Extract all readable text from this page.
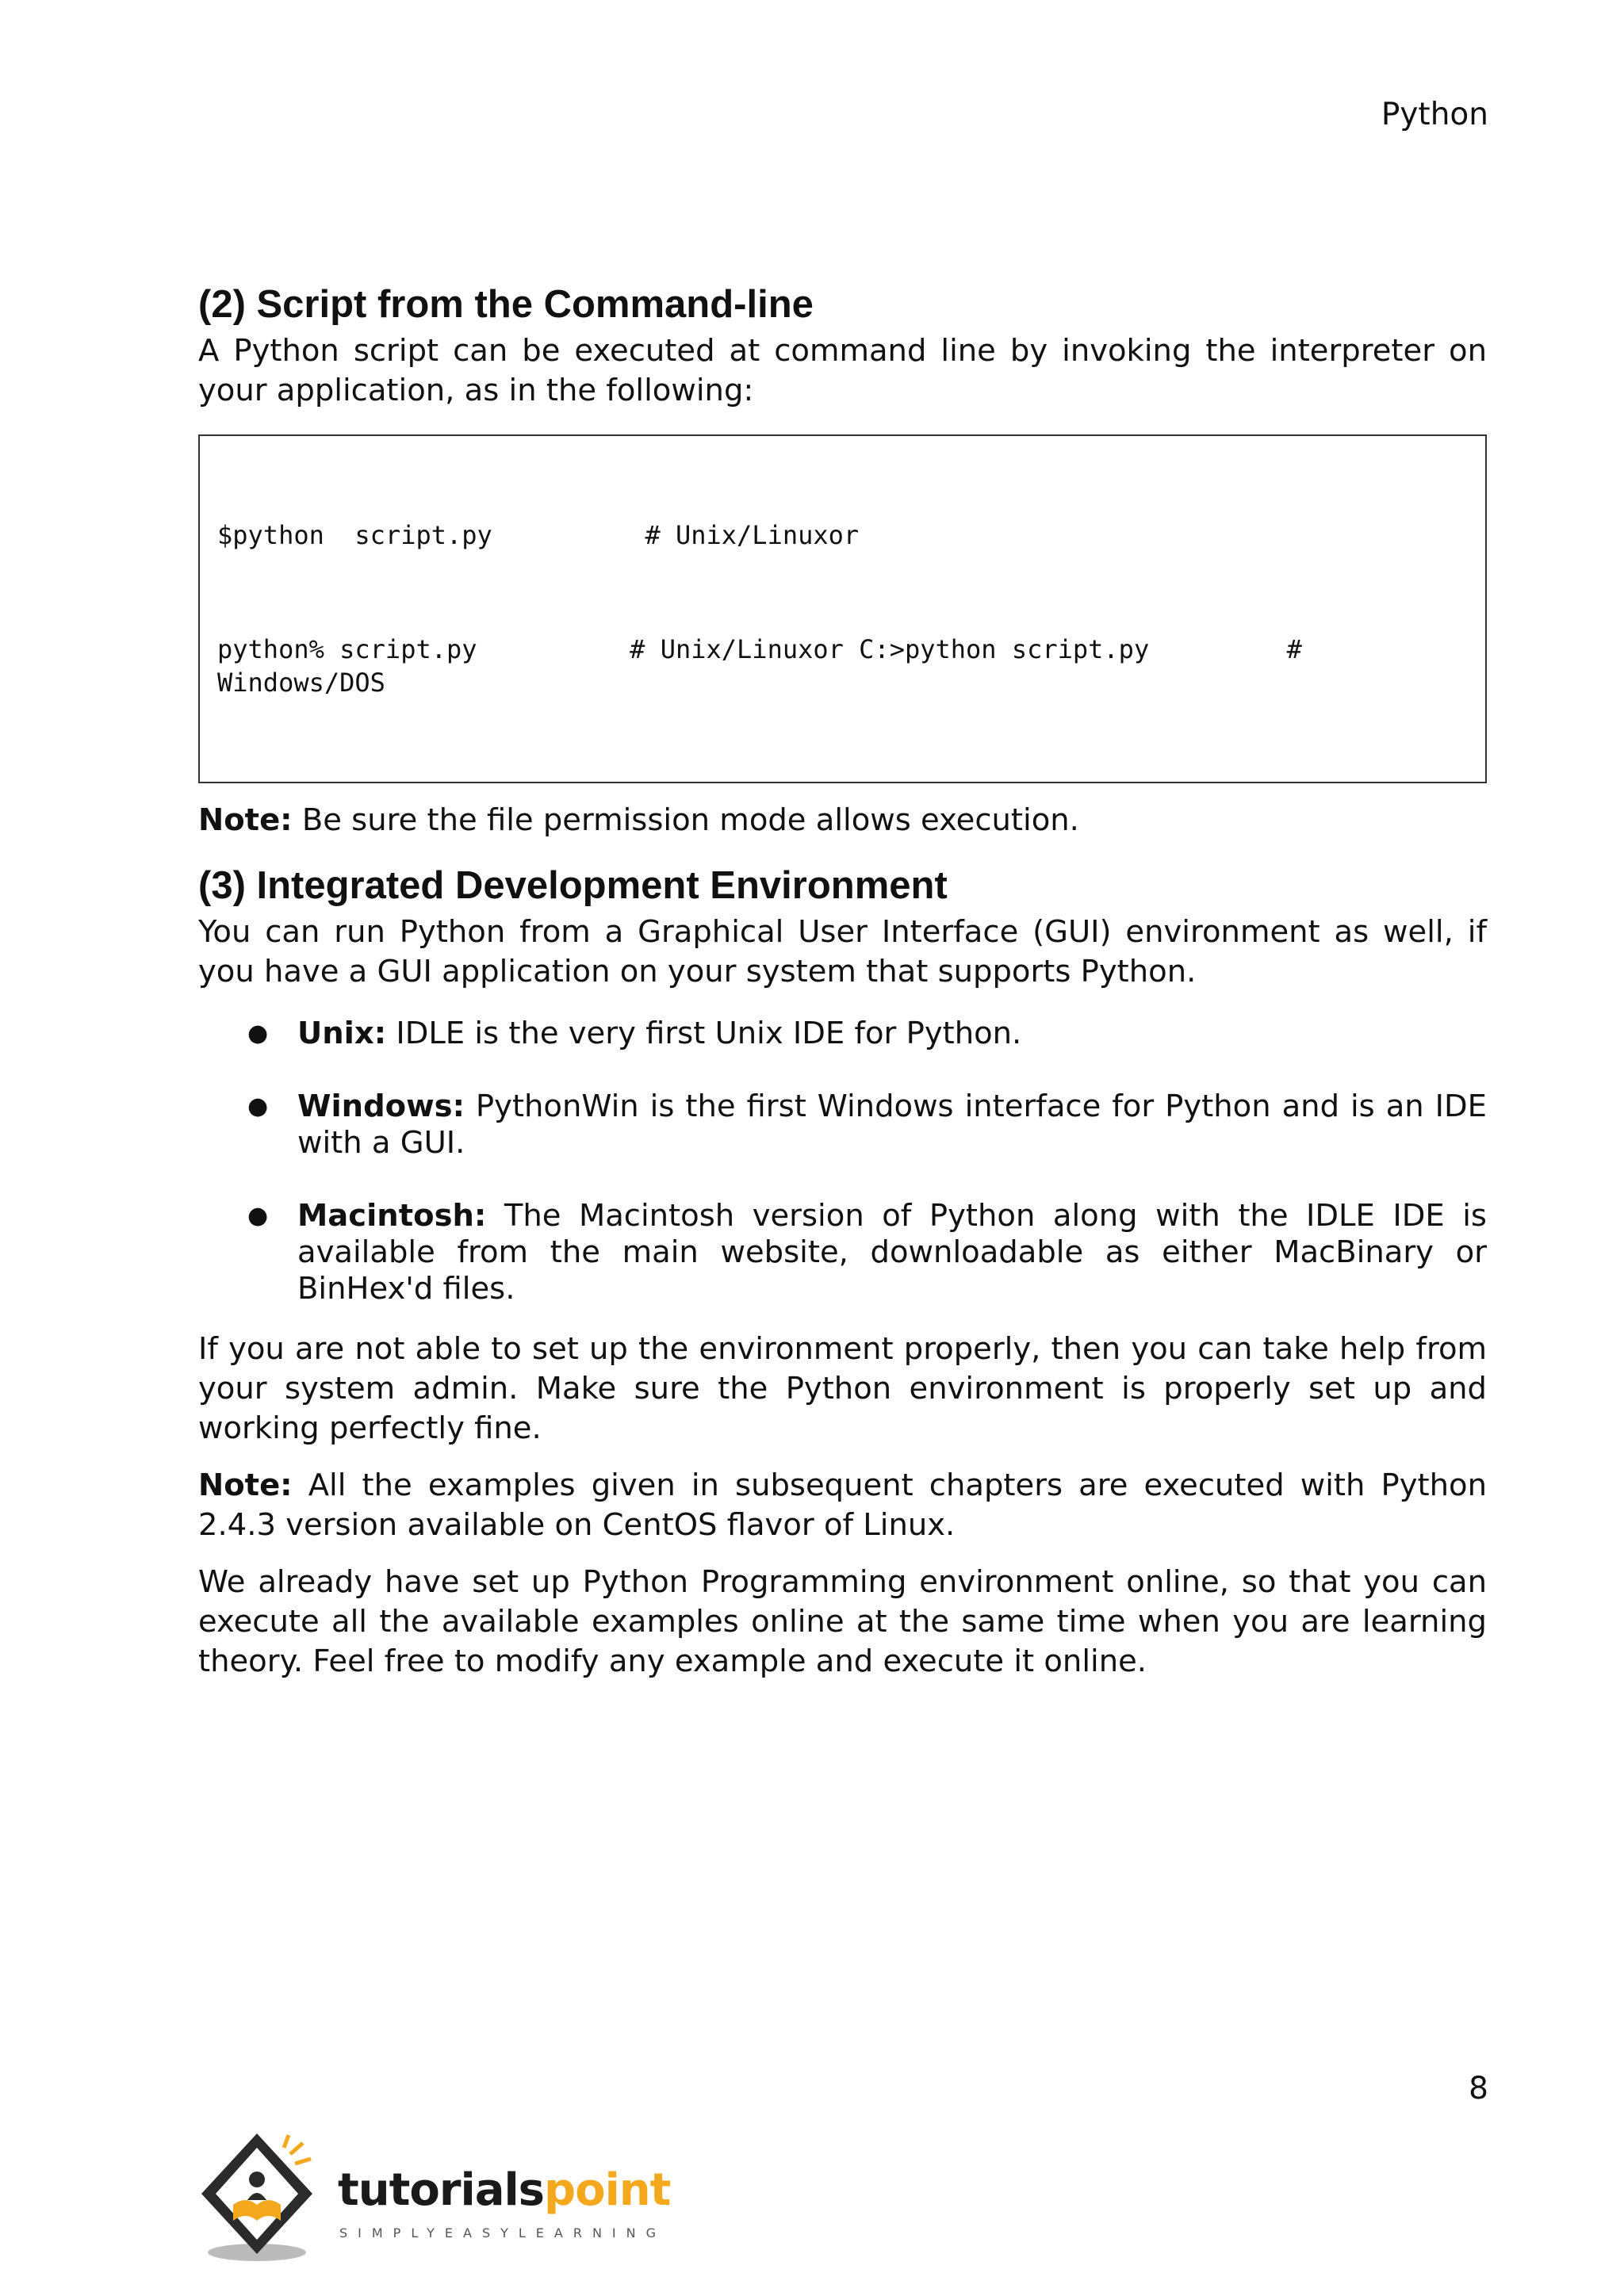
Python
(2) Script from the Command-line

A Python script can be executed at command line by invoking the interpreter on your application, as in the following:

$python  script.py          # Unix/Linuxor

python% script.py          # Unix/Linuxor C:>python script.py         #
Windows/DOS

Note: Be sure the file permission mode allows execution.

(3) Integrated Development Environment

You can run Python from a Graphical User Interface (GUI) environment as well, if you have a GUI application on your system that supports Python.

● Unix: IDLE is the very first Unix IDE for Python.
● Windows: PythonWin is the first Windows interface for Python and is an IDE with a GUI.
● Macintosh: The Macintosh version of Python along with the IDLE IDE is available from the main website, downloadable as either MacBinary or BinHex'd files.

If you are not able to set up the environment properly, then you can take help from your system admin. Make sure the Python environment is properly set up and working perfectly fine.

Note: All the examples given in subsequent chapters are executed with Python 2.4.3 version available on CentOS flavor of Linux.

We already have set up Python Programming environment online, so that you can execute all the available examples online at the same time when you are learning theory. Feel free to modify any example and execute it online.

8
tutorialspoint
SIMPLYEASYLEARNING
